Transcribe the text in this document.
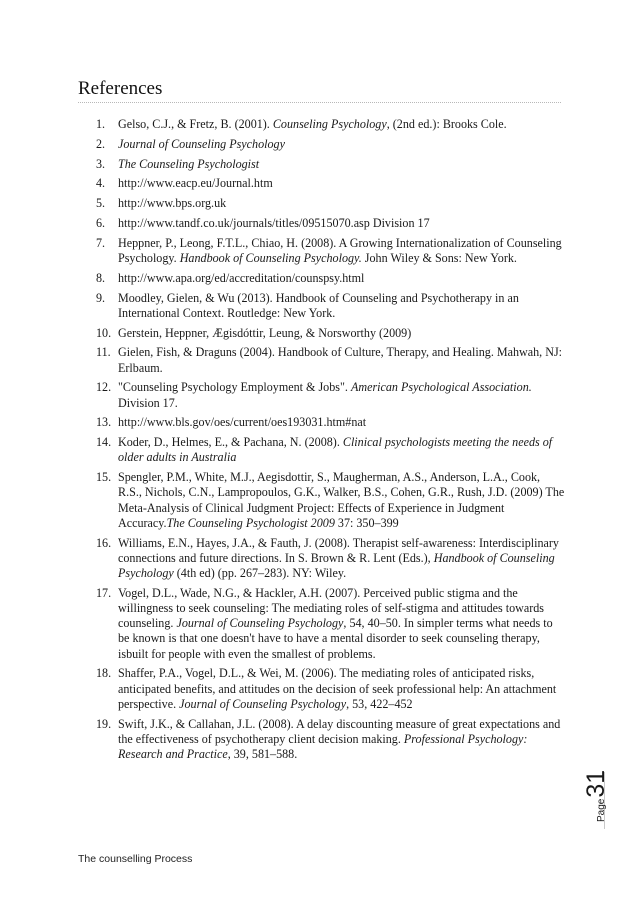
References
1.	Gelso, C.J., & Fretz, B. (2001). Counseling Psychology, (2nd ed.): Brooks Cole.
2.	Journal of Counseling Psychology
3.	The Counseling Psychologist
4.	http://www.eacp.eu/Journal.htm
5.	http://www.bps.org.uk
6.	http://www.tandf.co.uk/journals/titles/09515070.asp Division 17
7.	Heppner, P., Leong, F.T.L., Chiao, H. (2008). A Growing Internationalization of Counseling Psychology. Handbook of Counseling Psychology. John Wiley & Sons: New York.
8.	http://www.apa.org/ed/accreditation/counspsy.html
9.	Moodley, Gielen, & Wu (2013). Handbook of Counseling and Psychotherapy in an International Context. Routledge: New York.
10. Gerstein, Heppner, Ægisdóttir, Leung, & Norsworthy (2009)
11. Gielen, Fish, & Draguns (2004). Handbook of Culture, Therapy, and Healing. Mahwah, NJ: Erlbaum.
12. "Counseling Psychology Employment & Jobs". American Psychological Association. Division 17.
13. http://www.bls.gov/oes/current/oes193031.htm#nat
14. Koder, D., Helmes, E., & Pachana, N. (2008). Clinical psychologists meeting the needs of older adults in Australia
15. Spengler, P.M., White, M.J., Aegisdottir, S., Maugherman, A.S., Anderson, L.A., Cook, R.S., Nichols, C.N., Lampropoulos, G.K., Walker, B.S., Cohen, G.R., Rush, J.D. (2009) The Meta-Analysis of Clinical Judgment Project: Effects of Experience in Judgment Accuracy.The Counseling Psychologist 2009 37: 350–399
16. Williams, E.N., Hayes, J.A., & Fauth, J. (2008). Therapist self-awareness: Interdisciplinary connections and future directions. In S. Brown & R. Lent (Eds.), Handbook of Counseling Psychology (4th ed) (pp. 267–283). NY: Wiley.
17. Vogel, D.L., Wade, N.G., & Hackler, A.H. (2007). Perceived public stigma and the willingness to seek counseling: The mediating roles of self-stigma and attitudes towards counseling. Journal of Counseling Psychology, 54, 40–50. In simpler terms what needs to be known is that one doesn't have to have a mental disorder to seek counseling therapy, isbuilt for people with even the smallest of problems.
18. Shaffer, P.A., Vogel, D.L., & Wei, M. (2006). The mediating roles of anticipated risks, anticipated benefits, and attitudes on the decision of seek professional help: An attachment perspective. Journal of Counseling Psychology, 53, 422–452
19. Swift, J.K., & Callahan, J.L. (2008). A delay discounting measure of great expectations and the effectiveness of psychotherapy client decision making. Professional Psychology: Research and Practice, 39, 581–588.
Page
31
The counselling Process
